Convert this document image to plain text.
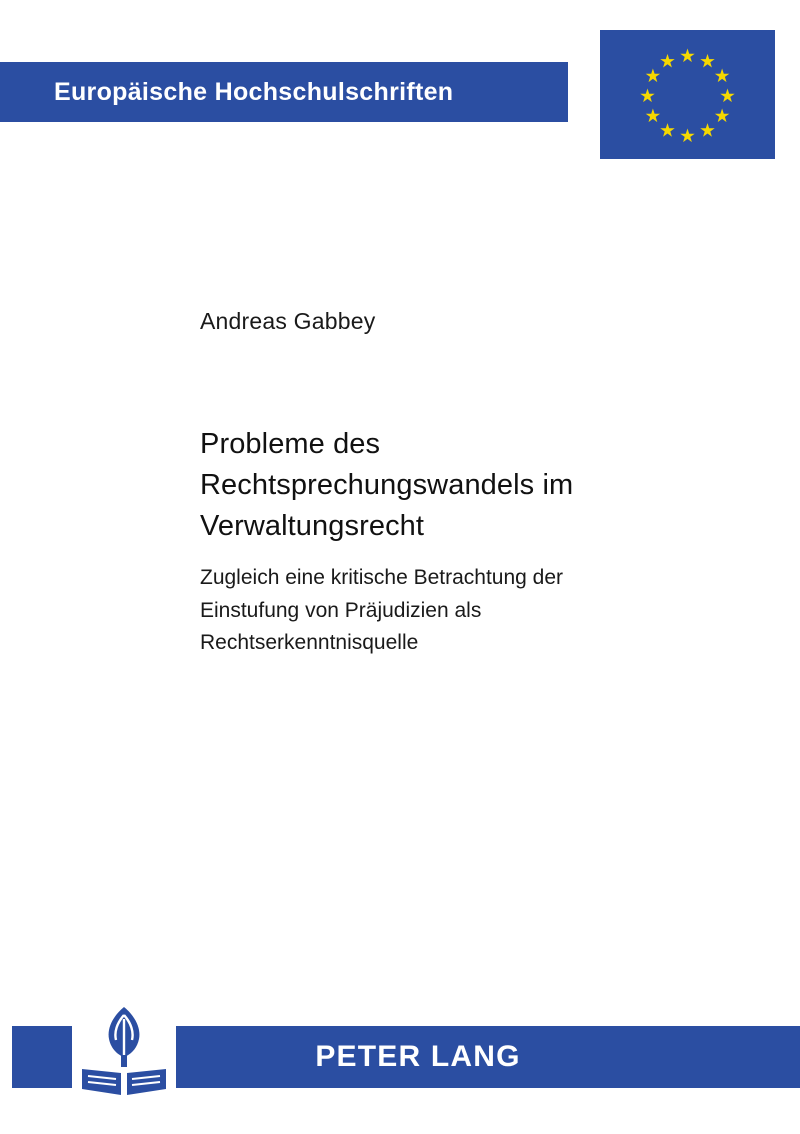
Europäische Hochschulschriften
Andreas Gabbey
Probleme des Rechtsprechungswandels im Verwaltungsrecht
Zugleich eine kritische Betrachtung der Einstufung von Präjudizien als Rechtserkenntnisquelle
PETER LANG
